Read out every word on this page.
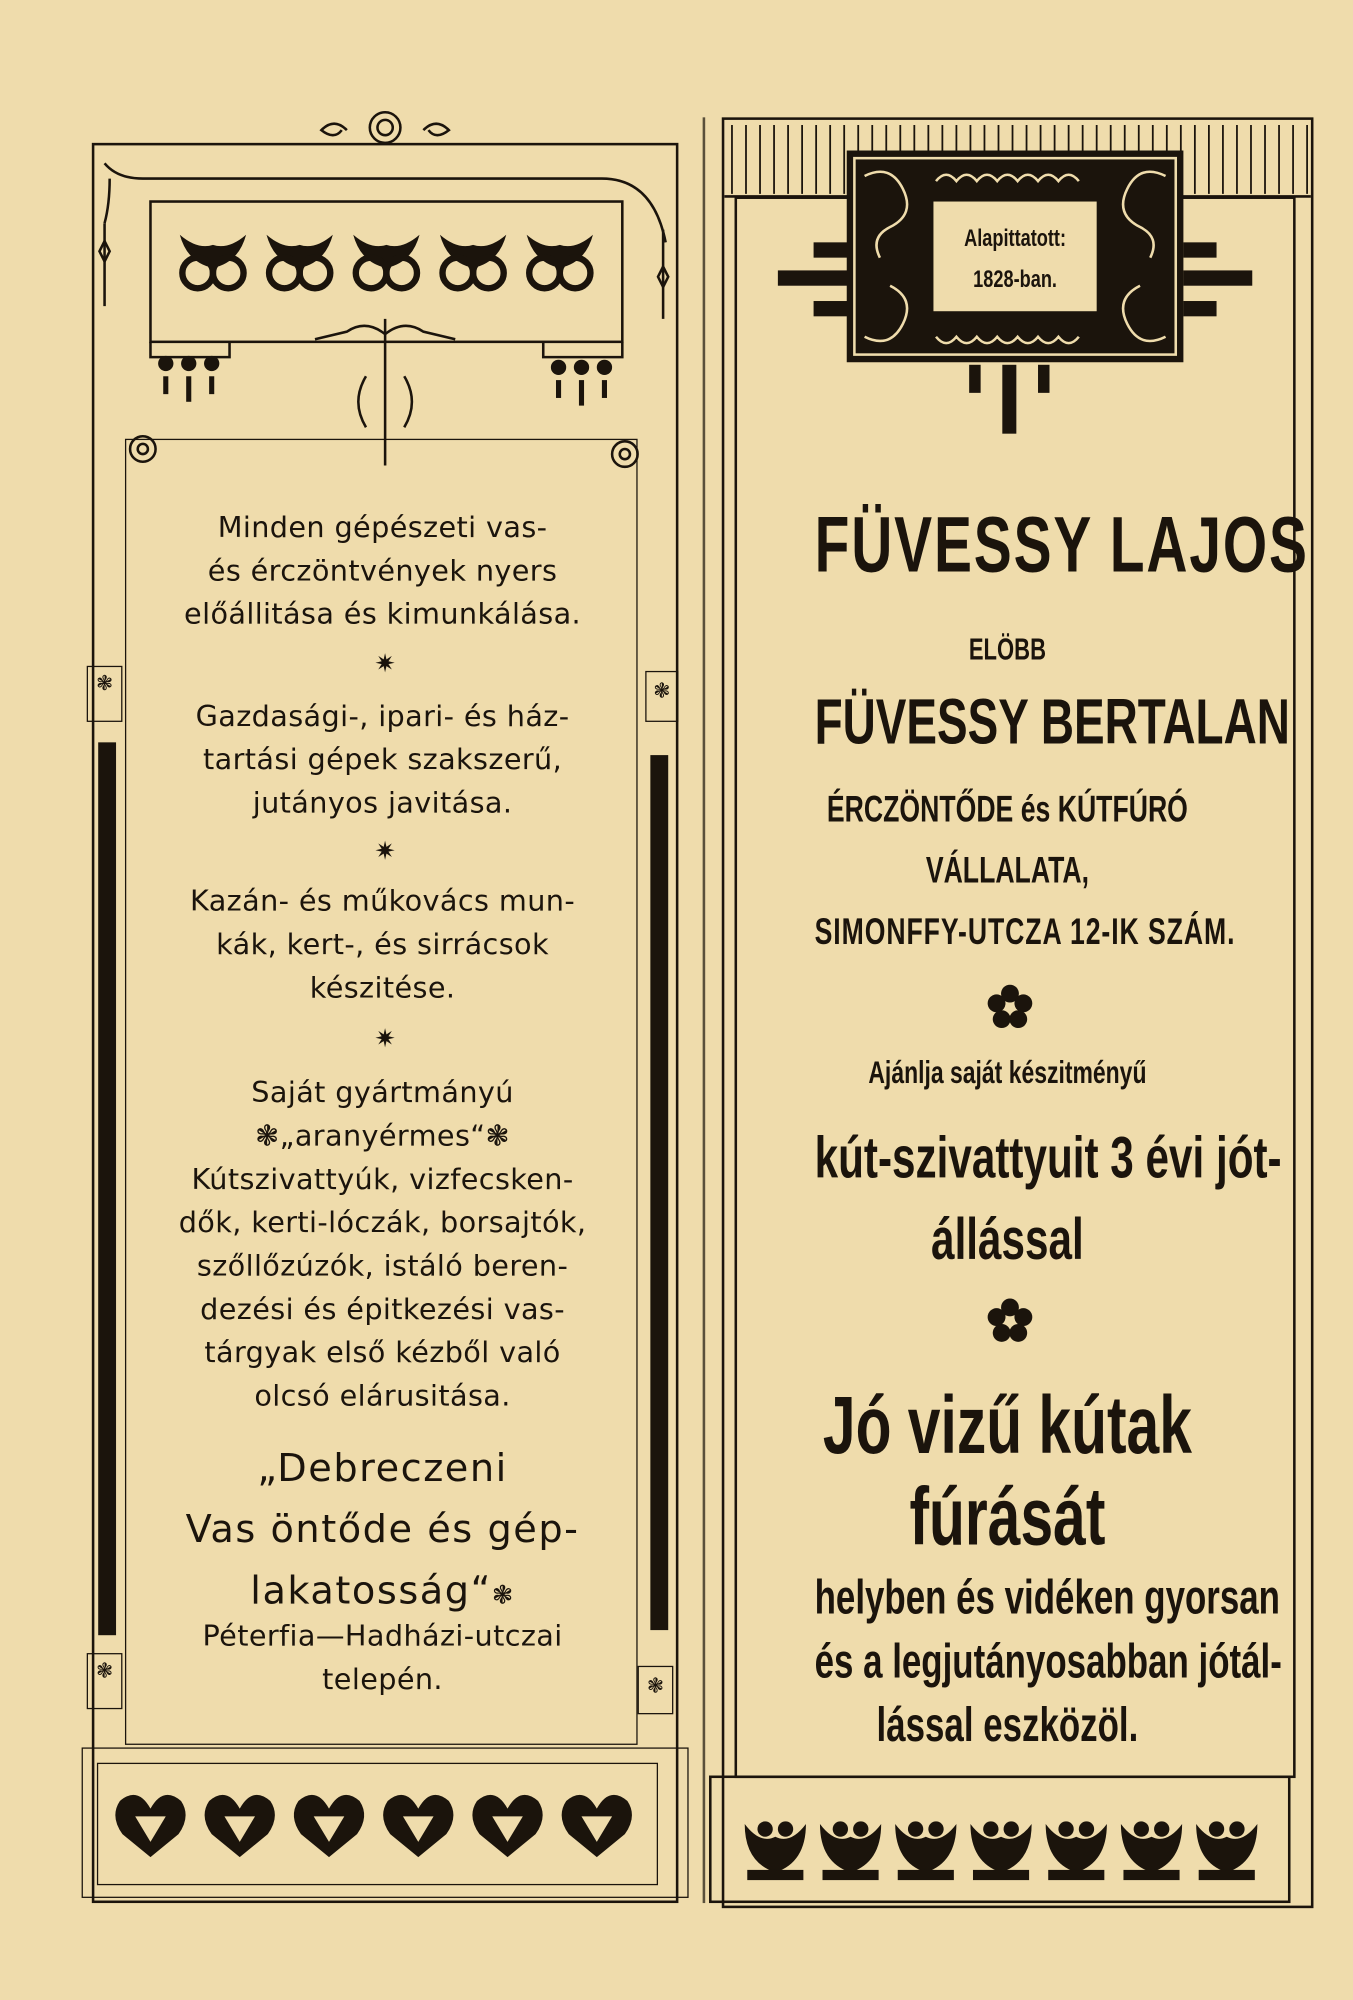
❃
❃
❃
❃
Minden gépészeti vas-
és érczöntvények nyers
előállitása és kimunkálása.
✷
Gazdasági-, ipari- és ház-
tartási gépek szakszerű,
jutányos javitása.
✷
Kazán- és műkovács mun-
kák, kert-, és sirrácsok
készitése.
✷
Saját gyártmányú
❃„aranyérmes“❃
Kútszivattyúk, vizfecsken-
dők, kerti-lóczák, borsajtók,
szőllőzúzók, istáló beren-
dezési és épitkezési vas-
tárgyak első kézből való
olcsó elárusitása.
„Debreczeni
Vas öntőde és gép-
lakatosság“❃
Péterfia—Hadházi-utczai
telepén.
Alapittatott:
1828-ban.
FÜVESSY LAJOS
ELÖBB
FÜVESSY BERTALAN
ÉRCZÖNTŐDE és KÚTFÚRÓ
VÁLLALATA,
SIMONFFY-UTCZA 12-IK SZÁM.
Ajánlja saját készitményű
kút-szivattyuit 3 évi jót-
állással
Jó vizű kútak
fúrását
helyben és vidéken gyorsan
és a legjutányosabban jótál-
lással eszközöl.
